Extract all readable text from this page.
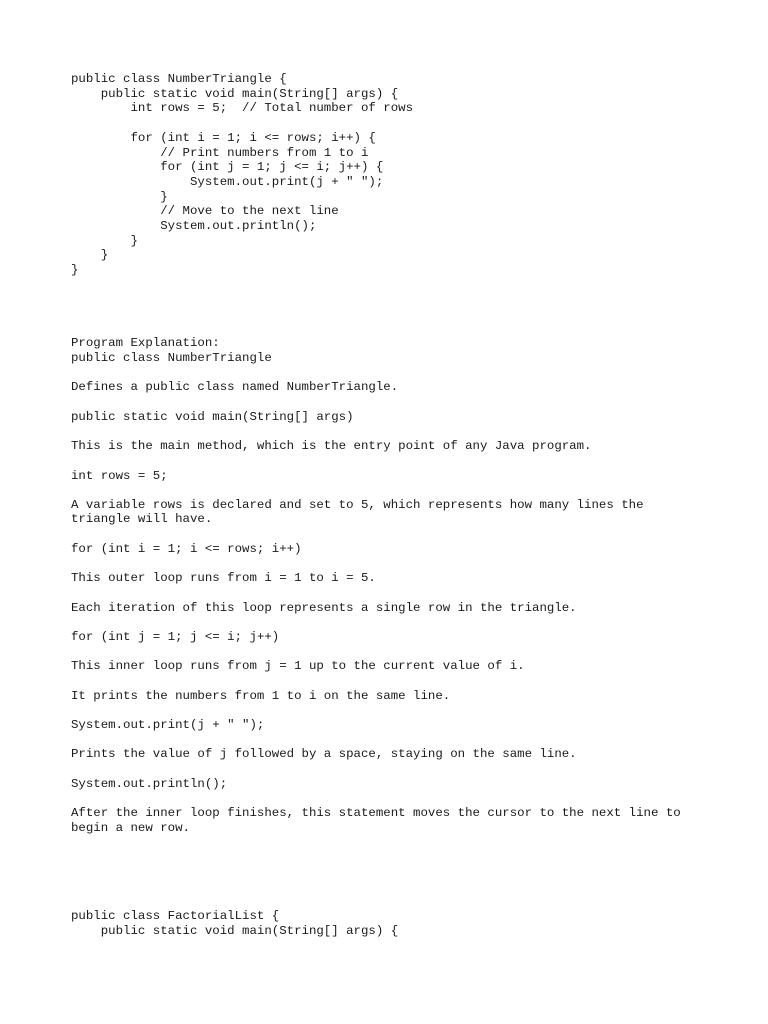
public class NumberTriangle {
public static void main(String[] args) {
int rows = 5;  // Total number of rows
for (int i = 1; i <= rows; i++) {
// Print numbers from 1 to i
for (int j = 1; j <= i; j++) {
System.out.print(j + " ");
}
// Move to the next line
System.out.println();
}
}
}
Program Explanation:
public class NumberTriangle
Defines a public class named NumberTriangle.
public static void main(String[] args)
This is the main method, which is the entry point of any Java program.
int rows = 5;
A variable rows is declared and set to 5, which represents how many lines the triangle will have.
for (int i = 1; i <= rows; i++)
This outer loop runs from i = 1 to i = 5.
Each iteration of this loop represents a single row in the triangle.
for (int j = 1; j <= i; j++)
This inner loop runs from j = 1 up to the current value of i.
It prints the numbers from 1 to i on the same line.
System.out.print(j + " ");
Prints the value of j followed by a space, staying on the same line.
System.out.println();
After the inner loop finishes, this statement moves the cursor to the next line to begin a new row.
public class FactorialList {
public static void main(String[] args) {
